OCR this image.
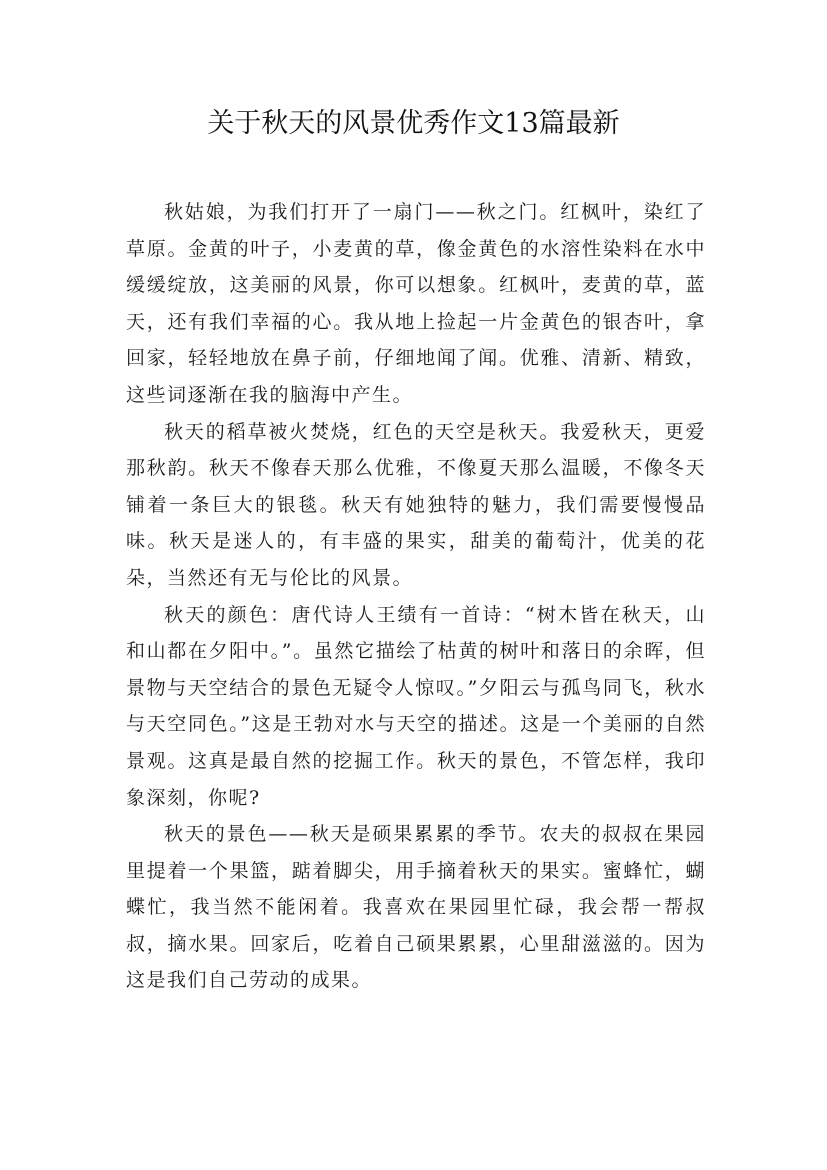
关于秋天的风景优秀作文13篇最新

秋姑娘，为我们打开了一扇门——秋之门。红枫叶，染红了草原。金黄的叶子，小麦黄的草，像金黄色的水溶性染料在水中缓缓绽放，这美丽的风景，你可以想象。红枫叶，麦黄的草，蓝天，还有我们幸福的心。我从地上捡起一片金黄色的银杏叶，拿回家，轻轻地放在鼻子前，仔细地闻了闻。优雅、清新、精致，这些词逐渐在我的脑海中产生。

秋天的稻草被火焚烧，红色的天空是秋天。我爱秋天，更爱那秋韵。秋天不像春天那么优雅，不像夏天那么温暖，不像冬天铺着一条巨大的银毯。秋天有她独特的魅力，我们需要慢慢品味。秋天是迷人的，有丰盛的果实，甜美的葡萄汁，优美的花朵，当然还有无与伦比的风景。

秋天的颜色：唐代诗人王绩有一首诗：“树木皆在秋天，山和山都在夕阳中。”。虽然它描绘了枯黄的树叶和落日的余晖，但景物与天空结合的景色无疑令人惊叹。”夕阳云与孤鸟同飞，秋水与天空同色。”这是王勃对水与天空的描述。这是一个美丽的自然景观。这真是最自然的挖掘工作。秋天的景色，不管怎样，我印象深刻，你呢?

秋天的景色——秋天是硕果累累的季节。农夫的叔叔在果园里提着一个果篮，踮着脚尖，用手摘着秋天的果实。蜜蜂忙，蝴蝶忙，我当然不能闲着。我喜欢在果园里忙碌，我会帮一帮叔叔，摘水果。回家后，吃着自己硕果累累，心里甜滋滋的。因为这是我们自己劳动的成果。
